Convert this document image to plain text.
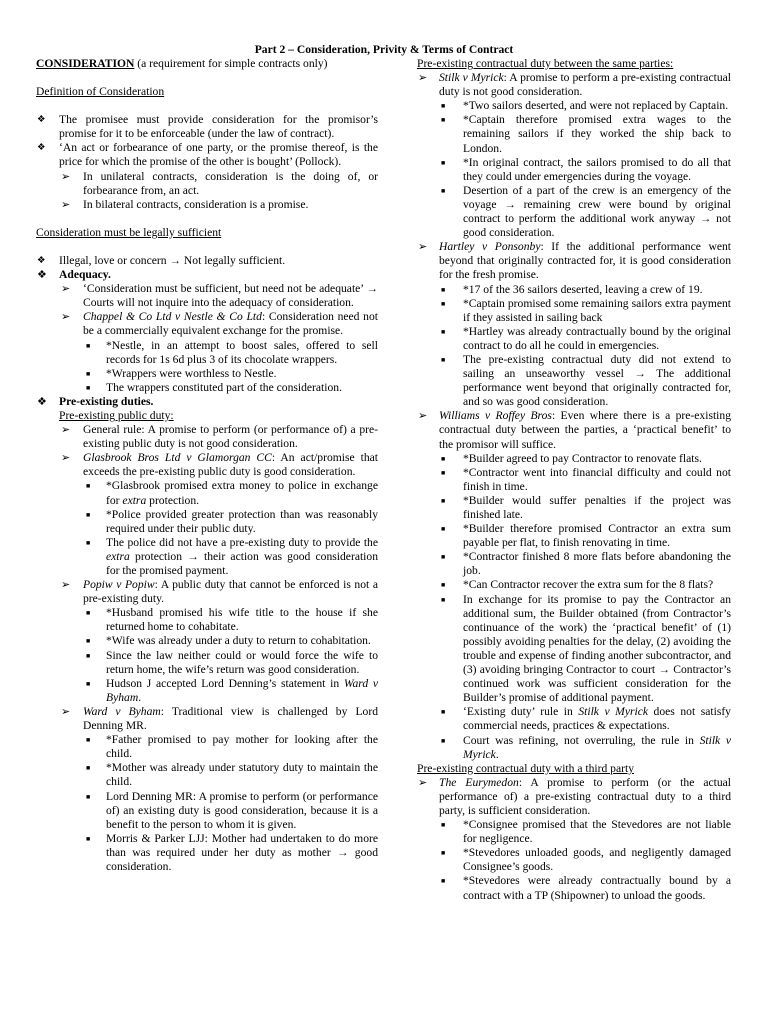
Part 2 – Consideration, Privity & Terms of Contract

CONSIDERATION (a requirement for simple contracts only)

Definition of Consideration

❖ The promisee must provide consideration for the promisor’s promise for it to be enforceable (under the law of contract).
❖ ‘An act or forbearance of one party, or the promise thereof, is the price for which the promise of the other is bought’ (Pollock).
➢ In unilateral contracts, consideration is the doing of, or forbearance from, an act.
➢ In bilateral contracts, consideration is a promise.

Consideration must be legally sufficient

❖ Illegal, love or concern → Not legally sufficient.
❖ Adequacy.
➢ ‘Consideration must be sufficient, but need not be adequate’ → Courts will not inquire into the adequacy of consideration.
➢ Chappel & Co Ltd v Nestle & Co Ltd: Consideration need not be a commercially equivalent exchange for the promise.
■ *Nestle, in an attempt to boost sales, offered to sell records for 1s 6d plus 3 of its chocolate wrappers.
■ *Wrappers were worthless to Nestle.
■ The wrappers constituted part of the consideration.
❖ Pre-existing duties.

Pre-existing public duty:

➢ General rule: A promise to perform (or performance of) a pre-existing public duty is not good consideration.
➢ Glasbrook Bros Ltd v Glamorgan CC: An act/promise that exceeds the pre-existing public duty is good consideration.
■ *Glasbrook promised extra money to police in exchange for extra protection.
■ *Police provided greater protection than was reasonably required under their public duty.
■ The police did not have a pre-existing duty to provide the extra protection → their action was good consideration for the promised payment.
➢ Popiw v Popiw: A public duty that cannot be enforced is not a pre-existing duty.
■ *Husband promised his wife title to the house if she returned home to cohabitate.
■ *Wife was already under a duty to return to cohabitation.
■ Since the law neither could or would force the wife to return home, the wife’s return was good consideration.
■ Hudson J accepted Lord Denning’s statement in Ward v Byham.
➢ Ward v Byham: Traditional view is challenged by Lord Denning MR.
■ *Father promised to pay mother for looking after the child.
■ *Mother was already under statutory duty to maintain the child.
■ Lord Denning MR: A promise to perform (or performance of) an existing duty is good consideration, because it is a benefit to the person to whom it is given.
■ Morris & Parker LJJ: Mother had undertaken to do more than was required under her duty as mother → good consideration.

Pre-existing contractual duty between the same parties:

➢ Stilk v Myrick: A promise to perform a pre-existing contractual duty is not good consideration.
■ *Two sailors deserted, and were not replaced by Captain.
■ *Captain therefore promised extra wages to the remaining sailors if they worked the ship back to London.
■ *In original contract, the sailors promised to do all that they could under emergencies during the voyage.
■ Desertion of a part of the crew is an emergency of the voyage → remaining crew were bound by original contract to perform the additional work anyway → not good consideration.
➢ Hartley v Ponsonby: If the additional performance went beyond that originally contracted for, it is good consideration for the fresh promise.
■ *17 of the 36 sailors deserted, leaving a crew of 19.
■ *Captain promised some remaining sailors extra payment if they assisted in sailing back
■ *Hartley was already contractually bound by the original contract to do all he could in emergencies.
■ The pre-existing contractual duty did not extend to sailing an unseaworthy vessel → The additional performance went beyond that originally contracted for, and so was good consideration.
➢ Williams v Roffey Bros: Even where there is a pre-existing contractual duty between the parties, a ‘practical benefit’ to the promisor will suffice.
■ *Builder agreed to pay Contractor to renovate flats.
■ *Contractor went into financial difficulty and could not finish in time.
■ *Builder would suffer penalties if the project was finished late.
■ *Builder therefore promised Contractor an extra sum payable per flat, to finish renovating in time.
■ *Contractor finished 8 more flats before abandoning the job.
■ *Can Contractor recover the extra sum for the 8 flats?
■ In exchange for its promise to pay the Contractor an additional sum, the Builder obtained (from Contractor’s continuance of the work) the ‘practical benefit’ of (1) possibly avoiding penalties for the delay, (2) avoiding the trouble and expense of finding another subcontractor, and (3) avoiding bringing Contractor to court → Contractor’s continued work was sufficient consideration for the Builder’s promise of additional payment.
■ ‘Existing duty’ rule in Stilk v Myrick does not satisfy commercial needs, practices & expectations.
■ Court was refining, not overruling, the rule in Stilk v Myrick.

Pre-existing contractual duty with a third party

➢ The Eurymedon: A promise to perform (or the actual performance of) a pre-existing contractual duty to a third party, is sufficient consideration.
■ *Consignee promised that the Stevedores are not liable for negligence.
■ *Stevedores unloaded goods, and negligently damaged Consignee’s goods.
■ *Stevedores were already contractually bound by a contract with a TP (Shipowner) to unload the goods.
